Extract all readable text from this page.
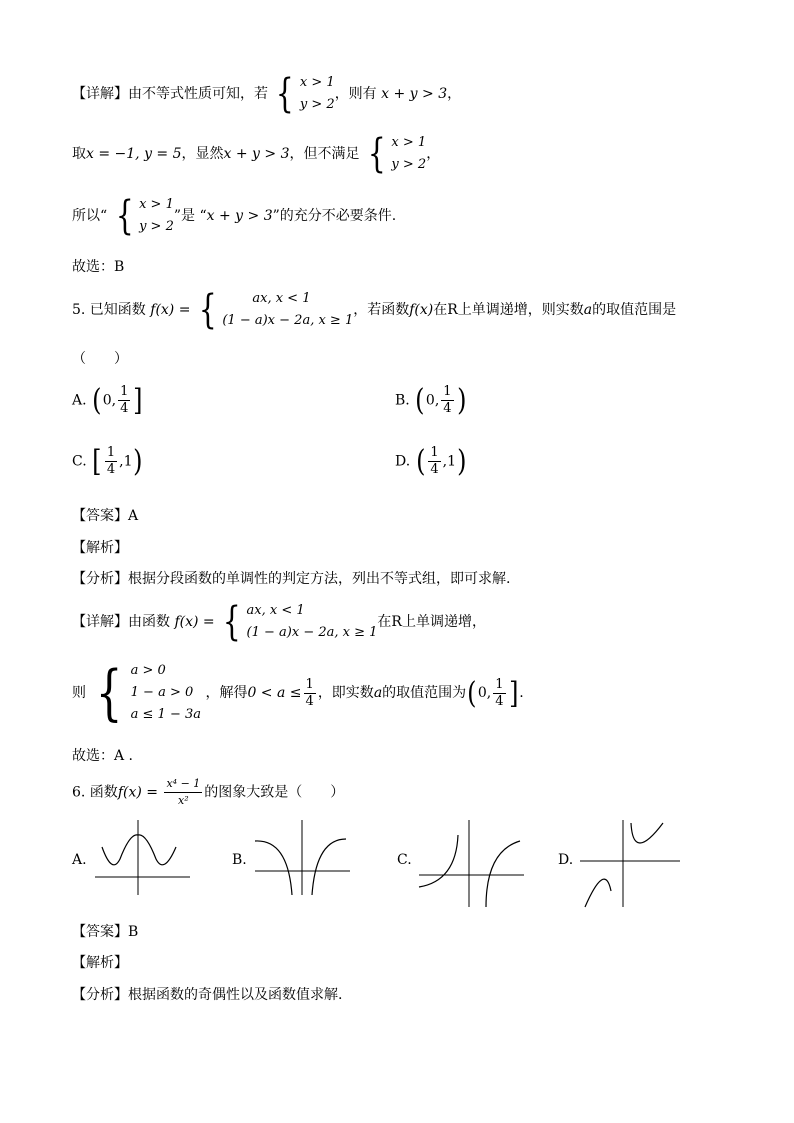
【详解】由不等式性质可知，若 { x > 1
y > 2
，则有 x + y > 3，
取x = −1, y = 5，显然x + y > 3，但不满足 { x > 1
y > 2
，
所以“ { x > 1
y > 2
”是 “x + y > 3”的充分不必要条件.
故选：B
5. 已知函数 f(x) = {	ax, x < 1
(1 − a)x − 2a, x ≥ 1
，若函数f(x)在R上单调递增，则实数a的取值范围是
（　　）
A. (0, $\frac{1}{4}$ ]	B. (0, $\frac{1}{4}$ )
C. [ $\frac{1}{4} ,1$)	D. ( $\frac{1}{4} ,1$)
【答案】A
【解析】
【分析】根据分段函数的单调性的判定方法，列出不等式组，即可求解.
【详解】由函数 f(x) = { ax, x < 1
(1 − a)x − 2a, x ≥ 1
在R上单调递增，
则 { a > 0
1 − a > 0
a ≤ 1 − 3a
，解得$0 < a \le \frac{1}{4}$ ，即实数a的取值范围为(0, $\frac{1}{4}$ ].
故选：A .
6. 函数$f(x) = \frac{\text{x⁴ − 1}}{\text{x²}}$ 的图象大致是（　　）
A.	B.	C.	D.
【答案】B
【解析】
【分析】根据函数的奇偶性以及函数值求解.
